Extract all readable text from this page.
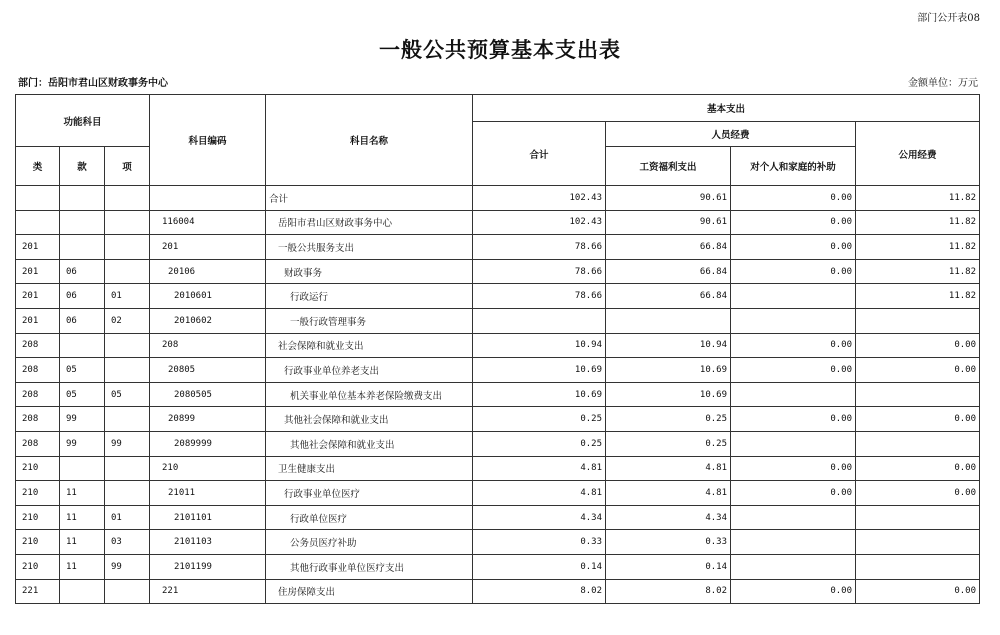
部门公开表08
一般公共预算基本支出表
部门：岳阳市君山区财政事务中心	金额单位：万元
功能科目			科目编码	科目名称	基本支出			
					合计	人员经费		公用经费
类	款	项				工资福利支出	对个人和家庭的补助	
				合计	102.43	90.61	0.00	11.82
			116004	岳阳市君山区财政事务中心	102.43	90.61	0.00	11.82
201			201	一般公共服务支出	78.66	66.84	0.00	11.82
201	06		20106	财政事务	78.66	66.84	0.00	11.82
201	06	01	2010601	行政运行	78.66	66.84		11.82
201	06	02	2010602	一般行政管理事务				
208			208	社会保障和就业支出	10.94	10.94	0.00	0.00
208	05		20805	行政事业单位养老支出	10.69	10.69	0.00	0.00
208	05	05	2080505	机关事业单位基本养老保险缴费支出	10.69	10.69		
208	99		20899	其他社会保障和就业支出	0.25	0.25	0.00	0.00
208	99	99	2089999	其他社会保障和就业支出	0.25	0.25		
210			210	卫生健康支出	4.81	4.81	0.00	0.00
210	11		21011	行政事业单位医疗	4.81	4.81	0.00	0.00
210	11	01	2101101	行政单位医疗	4.34	4.34		
210	11	03	2101103	公务员医疗补助	0.33	0.33		
210	11	99	2101199	其他行政事业单位医疗支出	0.14	0.14		
221			221	住房保障支出	8.02	8.02	0.00	0.00
